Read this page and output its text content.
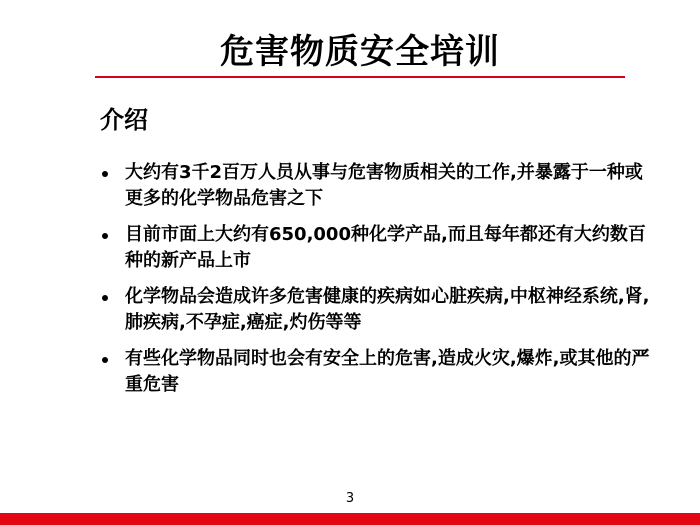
危害物质安全培训
介绍
大约有3千2百万人员从事与危害物质相关的工作,并暴露于一种或更多的化学物品危害之下
目前市面上大约有650,000种化学产品,而且每年都还有大约数百种的新产品上市
化学物品会造成许多危害健康的疾病如心脏疾病,中枢神经系统,肾,肺疾病,不孕症,癌症,灼伤等等
有些化学物品同时也会有安全上的危害,造成火灾,爆炸,或其他的严重危害
3
